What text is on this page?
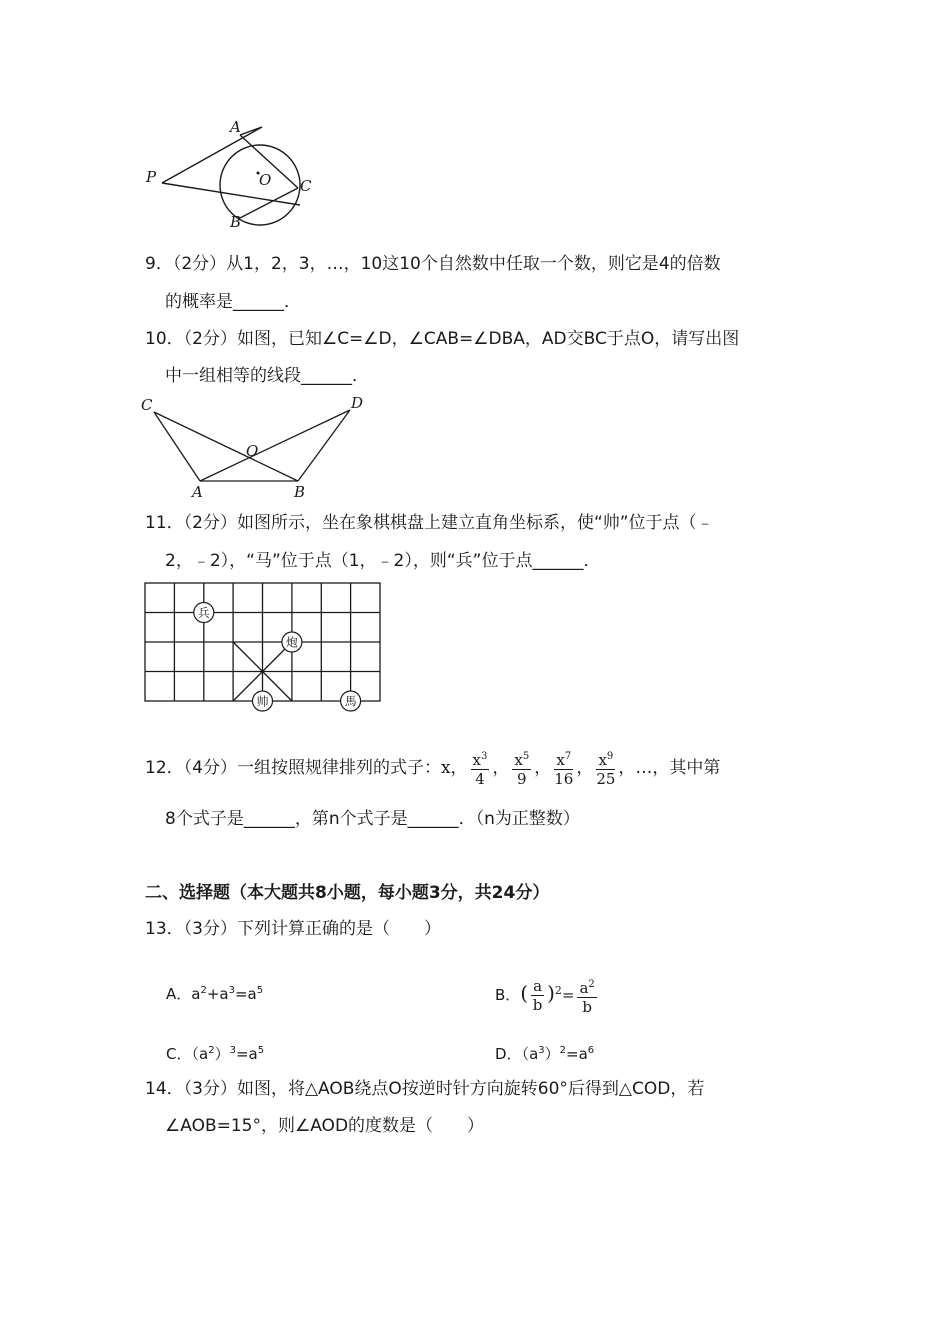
A
P	O C
B
9．（2分）从1，2，3，…，10这10个自然数中任取一个数，则它是4的倍数
的概率是______．
10．（2分）如图，已知∠C=∠D，∠CAB=∠DBA，AD交BC于点O，请写出图
中一组相等的线段______．
C	D
O
A	B
11．（2分）如图所示，坐在象棋棋盘上建立直角坐标系，使“帅”位于点（﹣
2，﹣2），“马”位于点（1，﹣2），则“兵”位于点______．
兵
炮
帅	馬
12．（4分）一组按照规律排列的式子：x， $\frac{x^3}{4}$ ， $\frac{x^5}{9}$ ， $\frac{x^7}{16}$ ， $\frac{x^9}{25}$ ，…，其中第
8个式子是______，第n个式子是______．（n为正整数）
二、选择题（本大题共8小题，每小题3分，共24分）
13．（3分）下列计算正确的是（　　）
A．$a^2+a^3=a^5$	B．( $\frac{a}{b} )^2= \frac{a^2}{b}$
C．$(a^2)^3=a^5$	D．$(a^3)^2=a^6$
14．（3分）如图，将△AOB绕点O按逆时针方向旋转60°后得到△COD，若
∠AOB=15°，则∠AOD的度数是（　　）
